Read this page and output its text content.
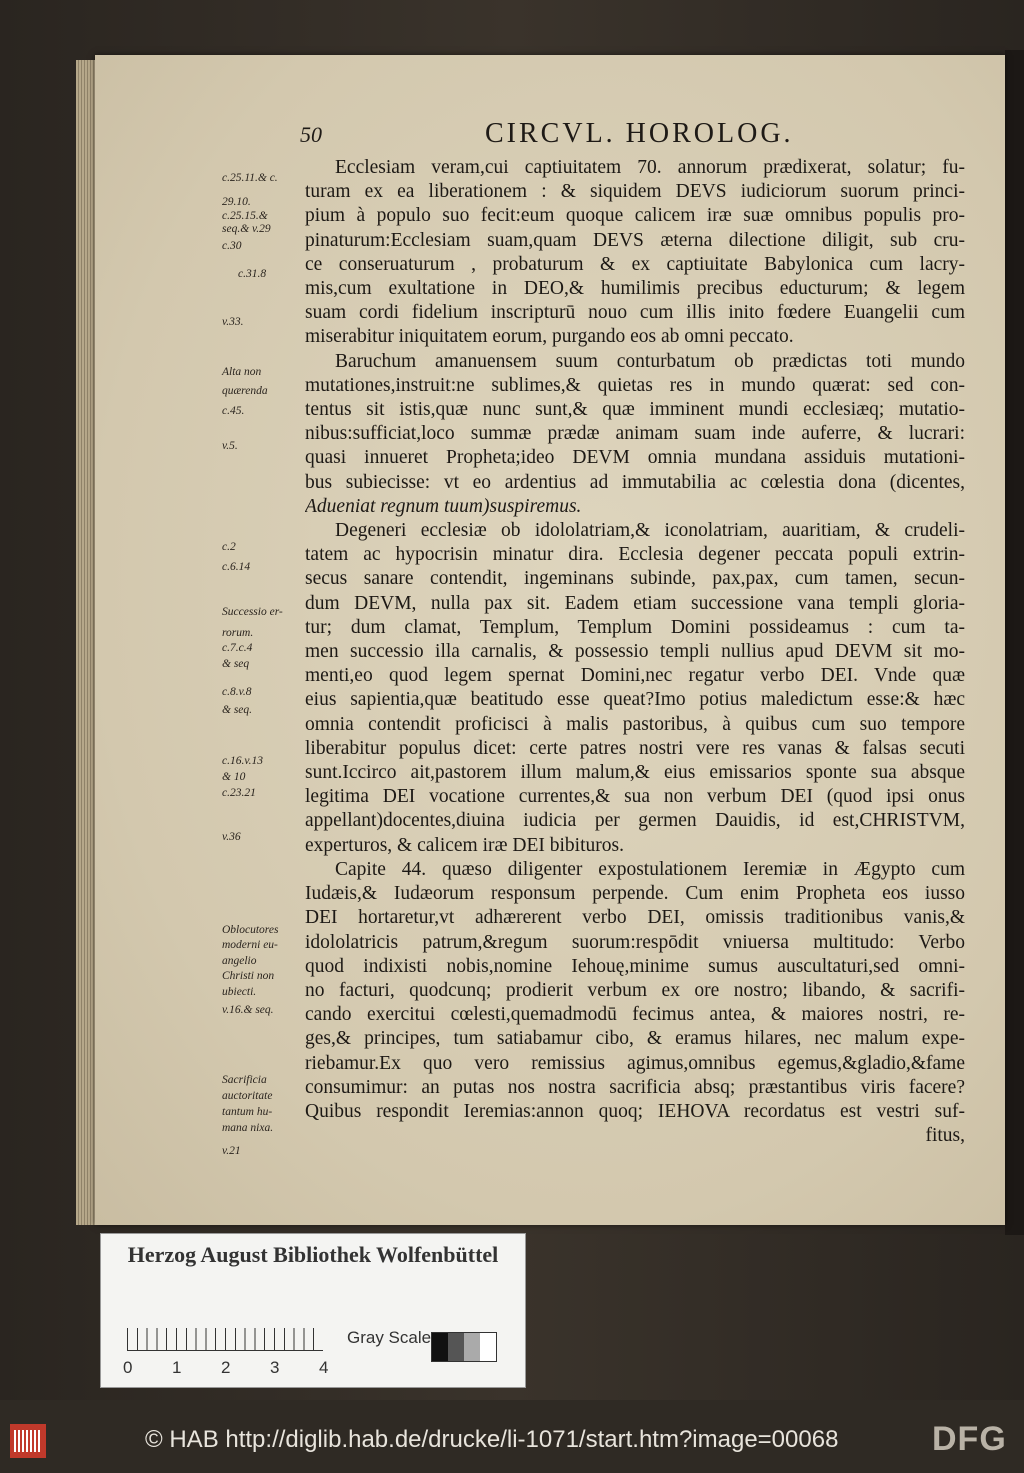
50	CIRCVL. HOROLOG.
Ecclesiam veram,cui captiuitatem 70. annorum prædixerat, solatur; fu-
turam ex ea liberationem : & siquidem DEVS iudiciorum suorum princi-
pium à populo suo fecit:eum quoque calicem iræ suæ omnibus populis pro-
pinaturum:Ecclesiam suam,quam DEVS æterna dilectione diligit, sub cru-
ce conseruaturum , probaturum & ex captiuitate Babylonica cum lacry-
mis,cum exultatione in DEO,& humilimis precibus educturum; & legem
suam cordi fidelium inscripturū nouo cum illis inito fœdere Euangelii cum
miserabitur iniquitatem eorum, purgando eos ab omni peccato.
Baruchum amanuensem suum conturbatum ob prædictas toti mundo
mutationes,instruit:ne sublimes,& quietas res in mundo quærat: sed con-
tentus sit istis,quæ nunc sunt,& quæ imminent mundi ecclesiæq; mutatio-
nibus:sufficiat,loco summæ prædæ animam suam inde auferre, & lucrari:
quasi innueret Propheta;ideo DEVM omnia mundana assiduis mutationi-
bus subiecisse: vt eo ardentius ad immutabilia ac cœlestia dona (dicentes,
Adueniat regnum tuum)suspiremus.
Degeneri ecclesiæ ob idololatriam,& iconolatriam, auaritiam, & crudeli-
tatem ac hypocrisin minatur dira. Ecclesia degener peccata populi extrin-
secus sanare contendit, ingeminans subinde, pax,pax, cum tamen, secun-
dum DEVM, nulla pax sit. Eadem etiam successione vana templi gloria-
tur; dum clamat, Templum, Templum Domini possideamus : cum ta-
men successio illa carnalis, & possessio templi nullius apud DEVM sit mo-
menti,eo quod legem spernat Domini,nec regatur verbo DEI. Vnde quæ
eius sapientia,quæ beatitudo esse queat?Imo potius maledictum esse:& hæc
omnia contendit proficisci à malis pastoribus, à quibus cum suo tempore
liberabitur populus dicet: certe patres nostri vere res vanas & falsas secuti
sunt.Iccirco ait,pastorem illum malum,& eius emissarios sponte sua absque
legitima DEI vocatione currentes,& sua non verbum DEI (quod ipsi onus
appellant)docentes,diuina iudicia per germen Dauidis, id est,CHRISTVM,
experturos, & calicem iræ DEI bibituros.
Capite 44. quæso diligenter expostulationem Ieremiæ in Ægypto cum
Iudæis,& Iudæorum responsum perpende. Cum enim Propheta eos iusso
DEI hortaretur,vt adhærerent verbo DEI, omissis traditionibus vanis,&
idololatricis patrum,&regum suorum:respōdit vniuersa multitudo: Verbo
quod indixisti nobis,nomine Iehouę,minime sumus auscultaturi,sed omni-
no facturi, quodcunq; prodierit verbum ex ore nostro; libando, & sacrifi-
cando exercitui cœlesti,quemadmodū fecimus antea, & maiores nostri, re-
ges,& principes, tum satiabamur cibo, & eramus hilares, nec malum expe-
riebamur.Ex quo vero remissius agimus,omnibus egemus,&gladio,&fame
consumimur: an putas nos nostra sacrificia absq; præstantibus viris facere?
Quibus respondit Ieremias:annon quoq; IEHOVA recordatus est vestri suf-
fitus,
c.25.11.& c.
29.10.
c.25.15.&
seq.& v.29
c.30
c.31.8
v.33.
Alta non
quærenda
c.45.
v.5.
c.2
c.6.14
Successio er-
rorum.
c.7.c.4
& seq
c.8.v.8
& seq.
c.16.v.13
& 10
c.23.21
v.36
Oblocutores
moderni eu-
angelio
Christi non
ubiecti.
v.16.& seq.
Sacrificia
auctoritate
tantum hu-
mana nixa.
v.21
Herzog August Bibliothek Wolfenbüttel
0 1 2 3 4
Gray Scale
© HAB http://diglib.hab.de/drucke/li-1071/start.htm?image=00068	DFG
